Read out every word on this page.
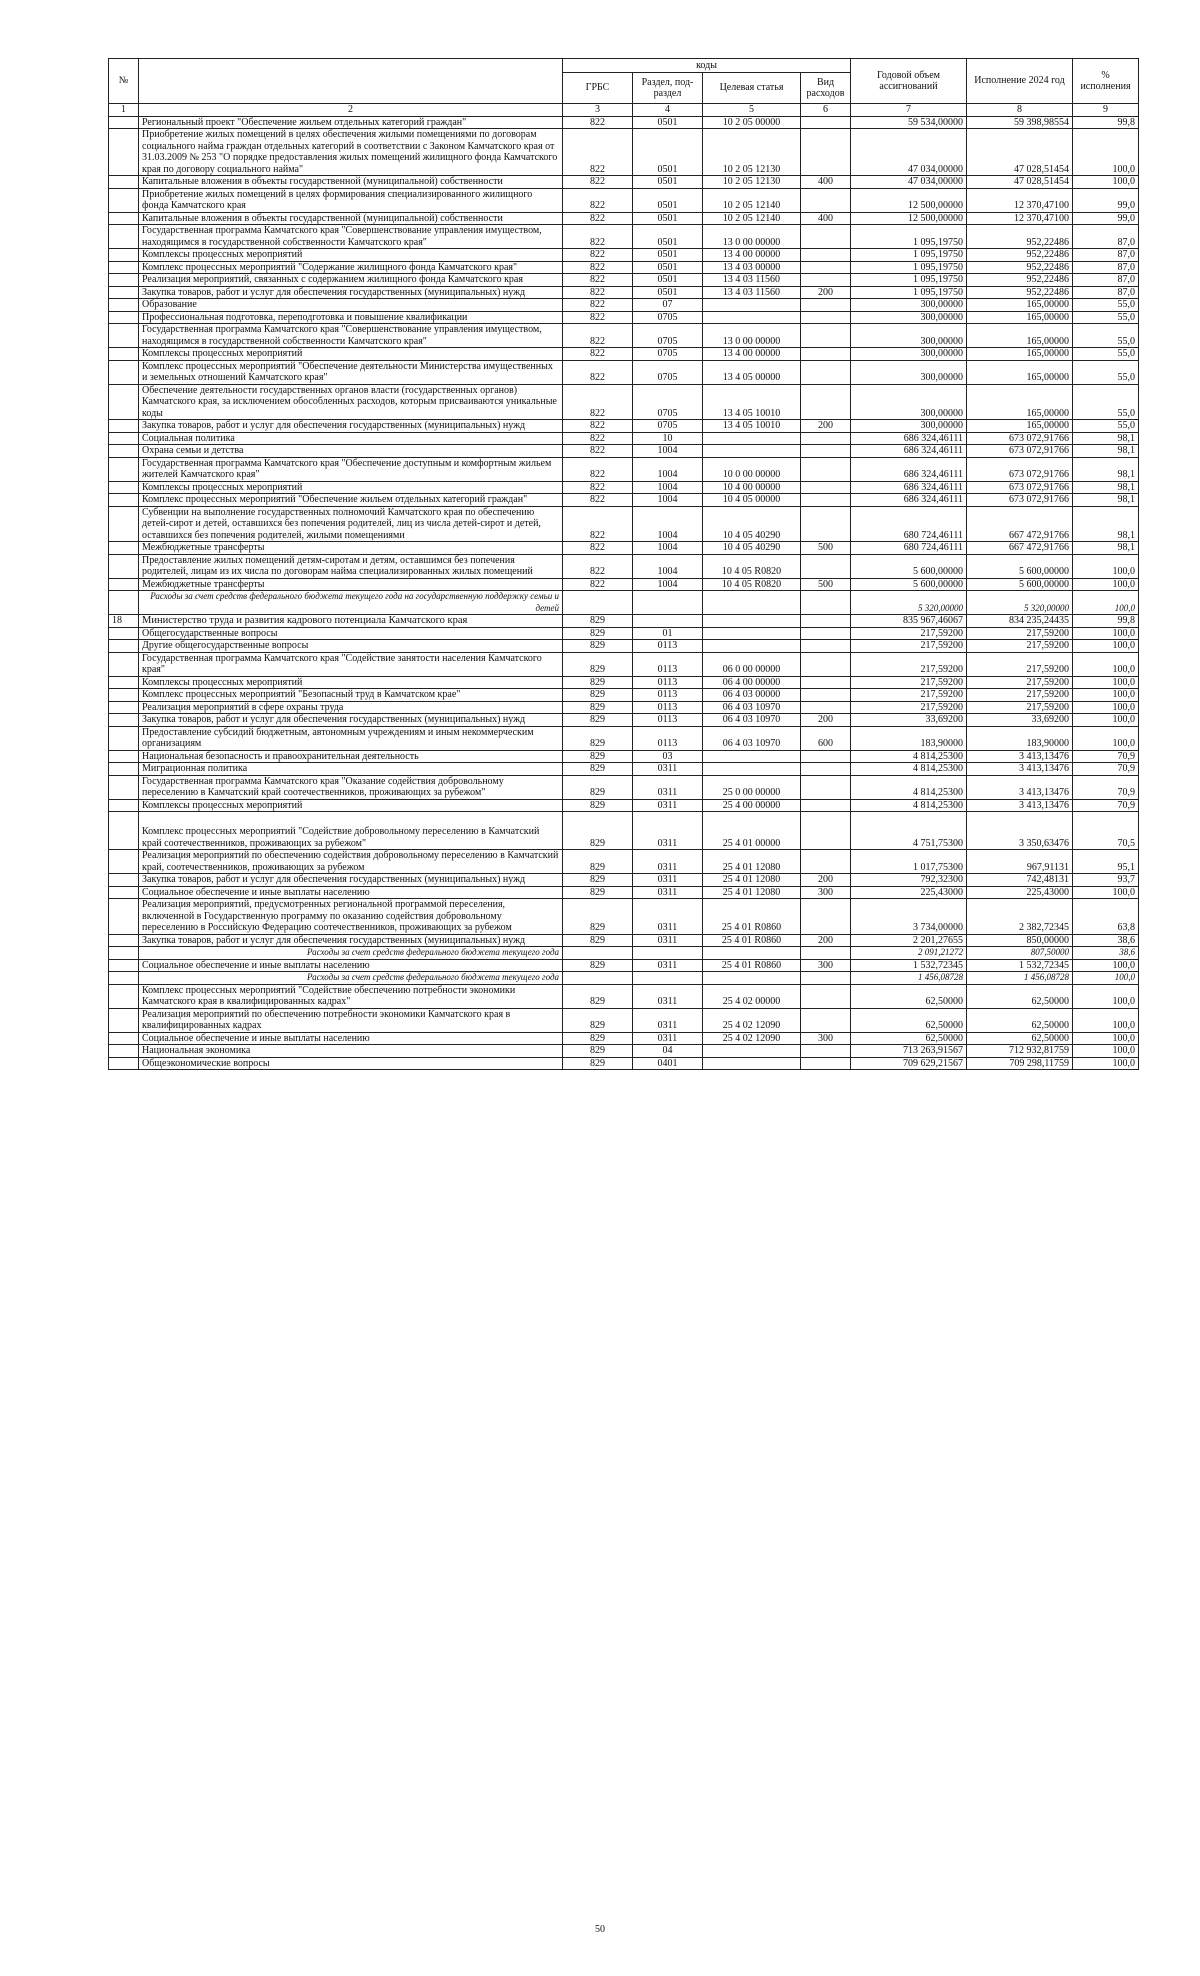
№		коды				Годовой объем ассигнований	Исполнение 2024 год	% исполнения
		ГРБС	Раздел, под-раздел	Целевая статья	Вид расходов			
1	2	3	4	5	6	7	8	9
	Региональный проект "Обеспечение жильем отдельных категорий граждан"	822	0501	10 2 05 00000		59 534,00000	59 398,98554	99,8
	Приобретение жилых помещений в целях обеспечения жилыми помещениями по договорам социального найма граждан отдельных категорий в соответствии с Законом Камчатского края от 31.03.2009 № 253 "О порядке предоставления жилых помещений жилищного фонда Камчатского края по договору социального найма"	822	0501	10 2 05 12130		47 034,00000	47 028,51454	100,0
	Капитальные вложения в объекты государственной (муниципальной) собственности	822	0501	10 2 05 12130	400	47 034,00000	47 028,51454	100,0
	Приобретение жилых помещений в целях формирования специализированного жилищного фонда Камчатского края	822	0501	10 2 05 12140		12 500,00000	12 370,47100	99,0
	Капитальные вложения в объекты государственной (муниципальной) собственности	822	0501	10 2 05 12140	400	12 500,00000	12 370,47100	99,0
	Государственная программа Камчатского края "Совершенствование управления имуществом, находящимся в государственной собственности Камчатского края"	822	0501	13 0 00 00000		1 095,19750	952,22486	87,0
	Комплексы процессных мероприятий	822	0501	13 4 00 00000		1 095,19750	952,22486	87,0
	Комплекс процессных мероприятий "Содержание жилищного фонда Камчатского края"	822	0501	13 4 03 00000		1 095,19750	952,22486	87,0
	Реализация мероприятий, связанных с содержанием жилищного фонда Камчатского края	822	0501	13 4 03 11560		1 095,19750	952,22486	87,0
	Закупка товаров, работ и услуг для обеспечения государственных (муниципальных) нужд	822	0501	13 4 03 11560	200	1 095,19750	952,22486	87,0
	Образование	822	07			300,00000	165,00000	55,0
	Профессиональная подготовка, переподготовка и повышение квалификации	822	0705			300,00000	165,00000	55,0
	Государственная программа Камчатского края "Совершенствование управления имуществом, находящимся в государственной собственности Камчатского края"	822	0705	13 0 00 00000		300,00000	165,00000	55,0
	Комплексы процессных мероприятий	822	0705	13 4 00 00000		300,00000	165,00000	55,0
	Комплекс процессных мероприятий "Обеспечение деятельности Министерства имущественных и земельных отношений Камчатского края"	822	0705	13 4 05 00000		300,00000	165,00000	55,0
	Обеспечение деятельности государственных органов власти (государственных органов) Камчатского края, за исключением обособленных расходов, которым присваиваются уникальные коды	822	0705	13 4 05 10010		300,00000	165,00000	55,0
	Закупка товаров, работ и услуг для обеспечения государственных (муниципальных) нужд	822	0705	13 4 05 10010	200	300,00000	165,00000	55,0
	Социальная политика	822	10			686 324,46111	673 072,91766	98,1
	Охрана семьи и детства	822	1004			686 324,46111	673 072,91766	98,1
	Государственная программа Камчатского края "Обеспечение доступным и комфортным жильем жителей Камчатского края"	822	1004	10 0 00 00000		686 324,46111	673 072,91766	98,1
	Комплексы процессных мероприятий	822	1004	10 4 00 00000		686 324,46111	673 072,91766	98,1
	Комплекс процессных мероприятий "Обеспечение жильем отдельных категорий граждан"	822	1004	10 4 05 00000		686 324,46111	673 072,91766	98,1
	Субвенции на выполнение государственных полномочий Камчатского края по обеспечению детей-сирот и детей, оставшихся без попечения родителей, лиц из числа детей-сирот и детей, оставшихся без попечения родителей, жилыми помещениями	822	1004	10 4 05 40290		680 724,46111	667 472,91766	98,1
	Межбюджетные трансферты	822	1004	10 4 05 40290	500	680 724,46111	667 472,91766	98,1
	Предоставление жилых помещений детям-сиротам и детям, оставшимся без попечения родителей, лицам из их числа по договорам найма специализированных жилых помещений	822	1004	10 4 05 R0820		5 600,00000	5 600,00000	100,0
	Межбюджетные трансферты	822	1004	10 4 05 R0820	500	5 600,00000	5 600,00000	100,0
	Расходы за счет средств федерального бюджета текущего года на государственную поддержку семьи и детей					5 320,00000	5 320,00000	100,0
18	Министерство труда и развития кадрового потенциала Камчатского края	829				835 967,46067	834 235,24435	99,8
	Общегосударственные вопросы	829	01			217,59200	217,59200	100,0
	Другие общегосударственные вопросы	829	0113			217,59200	217,59200	100,0
	Государственная программа Камчатского края "Содействие занятости населения Камчатского края"	829	0113	06 0 00 00000		217,59200	217,59200	100,0
	Комплексы процессных мероприятий	829	0113	06 4 00 00000		217,59200	217,59200	100,0
	Комплекс процессных мероприятий "Безопасный труд в Камчатском крае"	829	0113	06 4 03 00000		217,59200	217,59200	100,0
	Реализация мероприятий в сфере охраны труда	829	0113	06 4 03 10970		217,59200	217,59200	100,0
	Закупка товаров, работ и услуг для обеспечения государственных (муниципальных) нужд	829	0113	06 4 03 10970	200	33,69200	33,69200	100,0
	Предоставление субсидий бюджетным, автономным учреждениям и иным некоммерческим организациям	829	0113	06 4 03 10970	600	183,90000	183,90000	100,0
	Национальная безопасность и правоохранительная деятельность	829	03			4 814,25300	3 413,13476	70,9
	Миграционная политика	829	0311			4 814,25300	3 413,13476	70,9
	Государственная программа Камчатского края "Оказание содействия добровольному переселению в Камчатский край соотечественников, проживающих за рубежом"	829	0311	25 0 00 00000		4 814,25300	3 413,13476	70,9
	Комплексы процессных мероприятий	829	0311	25 4 00 00000		4 814,25300	3 413,13476	70,9
	Комплекс процессных мероприятий "Содействие добровольному переселению в Камчатский край соотечественников, проживающих за рубежом"	829	0311	25 4 01 00000		4 751,75300	3 350,63476	70,5
	Реализация мероприятий по обеспечению содействия добровольному переселению в Камчатский край, соотечественников, проживающих за рубежом	829	0311	25 4 01 12080		1 017,75300	967,91131	95,1
	Закупка товаров, работ и услуг для обеспечения государственных (муниципальных) нужд	829	0311	25 4 01 12080	200	792,32300	742,48131	93,7
	Социальное обеспечение и иные выплаты населению	829	0311	25 4 01 12080	300	225,43000	225,43000	100,0
	Реализация мероприятий, предусмотренных региональной программой переселения, включенной в Государственную программу по оказанию содействия добровольному переселению в Российскую Федерацию соотечественников, проживающих за рубежом	829	0311	25 4 01 R0860		3 734,00000	2 382,72345	63,8
	Закупка товаров, работ и услуг для обеспечения государственных (муниципальных) нужд	829	0311	25 4 01 R0860	200	2 201,27655	850,00000	38,6
	Расходы за счет средств федерального бюджета текущего года					2 091,21272	807,50000	38,6
	Социальное обеспечение и иные выплаты населению	829	0311	25 4 01 R0860	300	1 532,72345	1 532,72345	100,0
	Расходы за счет средств федерального бюджета текущего года					1 456,08728	1 456,08728	100,0
	Комплекс процессных мероприятий "Содействие обеспечению потребности экономики Камчатского края в квалифицированных кадрах"	829	0311	25 4 02 00000		62,50000	62,50000	100,0
	Реализация мероприятий по обеспечению потребности экономики Камчатского края в квалифицированных кадрах	829	0311	25 4 02 12090		62,50000	62,50000	100,0
	Социальное обеспечение и иные выплаты населению	829	0311	25 4 02 12090	300	62,50000	62,50000	100,0
	Национальная экономика	829	04			713 263,91567	712 932,81759	100,0
	Общеэкономические вопросы	829	0401			709 629,21567	709 298,11759	100,0
50
